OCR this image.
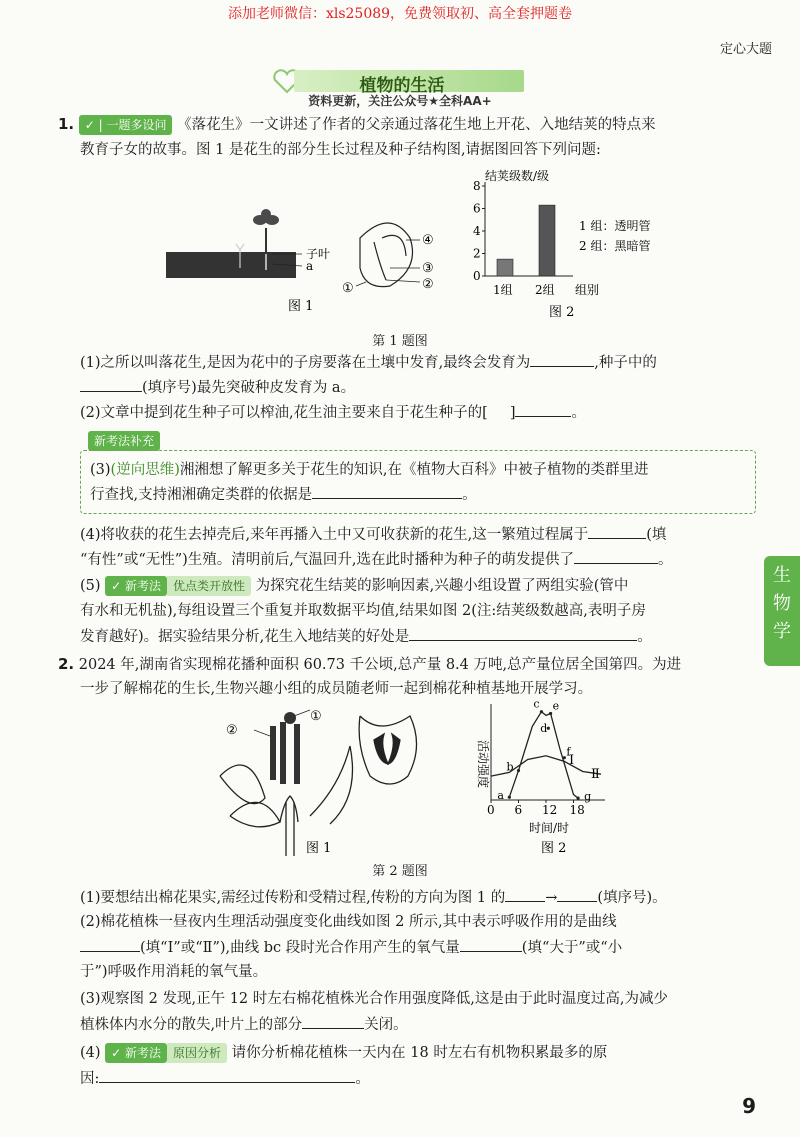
添加老师微信：xls25089，免费领取初、高全套押题卷
定心大题
植物的生活
资料更新，关注公众号★全科AA+
1. ✓ | 一题多设问 《落花生》一文讲述了作者的父亲通过落花生地上开花、入地结荚的特点来
教育子女的故事。图 1 是花生的部分生长过程及种子结构图,请据图回答下列问题:
子叶
a
④
③
②
①
图 1
0
2
4
6
8
1组 2组
结荚级数/级
组别
1 组：透明管
2 组：黑暗管
图 2
第 1 题图
(1)之所以叫落花生,是因为花中的子房要落在土壤中发育,最终会发育为	,种子中的
(填序号)最先突破种皮发育为 a。
(2)文章中提到花生种子可以榨油,花生油主要来自于花生种子的[ ]	。
新考法补充
(3)(逆向思维)湘湘想了解更多关于花生的知识,在《植物大百科》中被子植物的类群里进
行查找,支持湘湘确定类群的依据是	。
(4)将收获的花生去掉壳后,来年再播入土中又可收获新的花生,这一繁殖过程属于	(填
“有性”或“无性”)生殖。清明前后,气温回升,选在此时播种为种子的萌发提供了	。
(5) ✓ 新考法 优点类开放性 为探究花生结荚的影响因素,兴趣小组设置了两组实验(管中
有水和无机盐),每组设置三个重复并取数据平均值,结果如图 2(注:结荚级数越高,表明子房
发育越好)。据实验结果分析,花生入地结荚的好处是	。
2. 2024 年,湖南省实现棉花播种面积 60.73 千公顷,总产量 8.4 万吨,总产量位居全国第四。为进
一步了解棉花的生长,生物兴趣小组的成员随老师一起到棉花种植基地开展学习。
①
②
图 1
0 6 12 18
a
b
c
d
e
f
g
活动强度
时间/时
Ⅰ
Ⅱ
图 2
第 2 题图
(1)要想结出棉花果实,需经过传粉和受精过程,传粉的方向为图 1 的	→	(填序号)。
(2)棉花植株一昼夜内生理活动强度变化曲线如图 2 所示,其中表示呼吸作用的是曲线
(填“Ⅰ”或“Ⅱ”),曲线 bc 段时光合作用产生的氧气量	(填“大于”或“小
于”)呼吸作用消耗的氧气量。
(3)观察图 2 发现,正午 12 时左右棉花植株光合作用强度降低,这是由于此时温度过高,为减少
植株体内水分的散失,叶片上的部分	关闭。
(4) ✓ 新考法 原因分析 请你分析棉花植株一天内在 18 时左右有机物积累最多的原
因:	。
生
物
学
9
